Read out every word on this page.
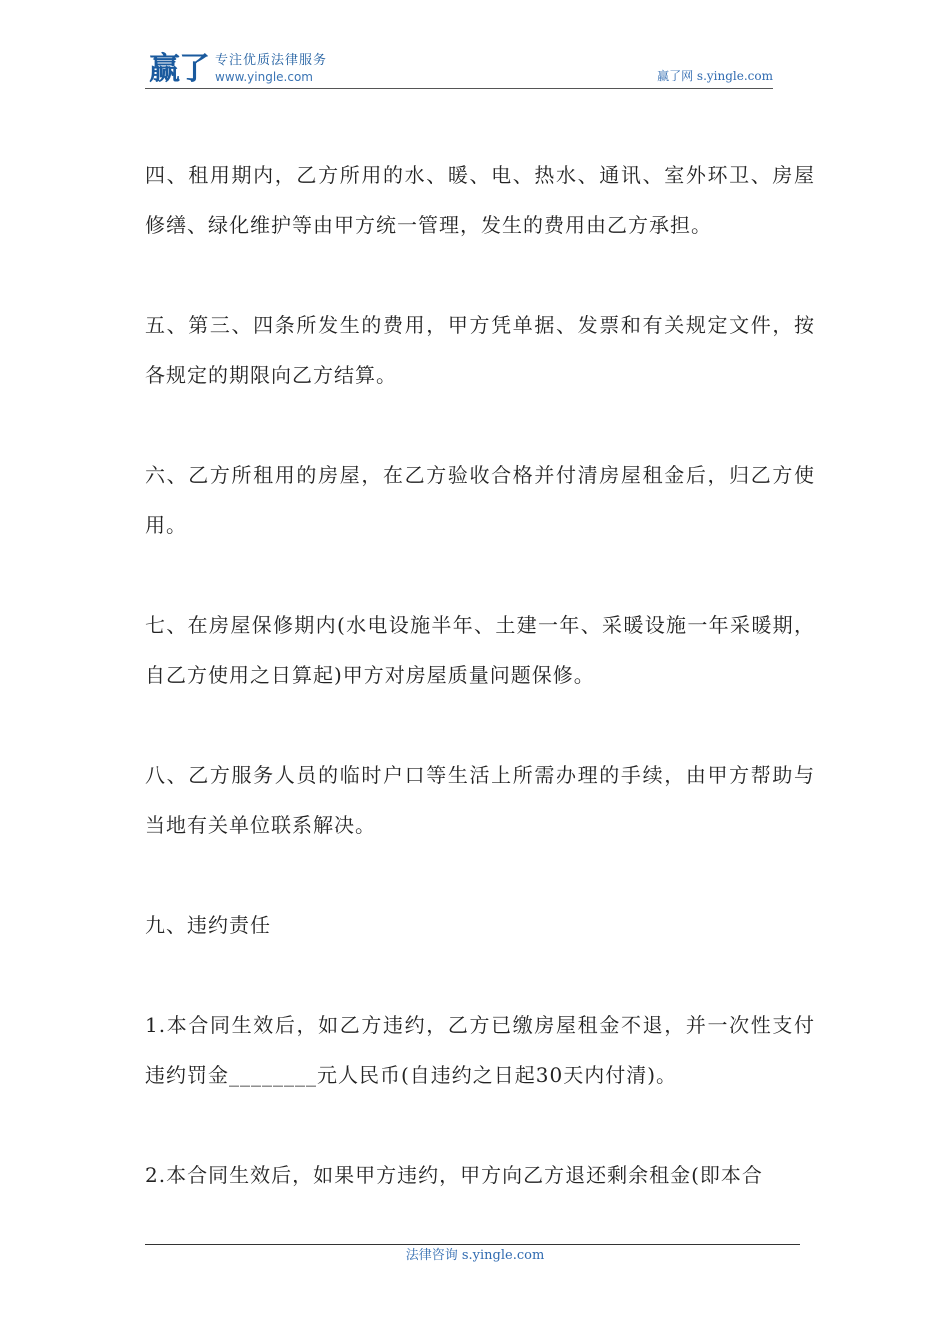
赢了 专注优质法律服务
www.yingle.com	赢了网 s.yingle.com

四、租用期内，乙方所用的水、暖、电、热水、通讯、室外环卫、房屋修缮、绿化维护等由甲方统一管理，发生的费用由乙方承担。

五、第三、四条所发生的费用，甲方凭单据、发票和有关规定文件，按各规定的期限向乙方结算。

六、乙方所租用的房屋，在乙方验收合格并付清房屋租金后，归乙方使用。

七、在房屋保修期内(水电设施半年、土建一年、采暖设施一年采暖期，自乙方使用之日算起)甲方对房屋质量问题保修。

八、乙方服务人员的临时户口等生活上所需办理的手续，由甲方帮助与当地有关单位联系解决。

九、违约责任

1.本合同生效后，如乙方违约，乙方已缴房屋租金不退，并一次性支付违约罚金________元人民币(自违约之日起30天内付清)。

2.本合同生效后，如果甲方违约，甲方向乙方退还剩余租金(即本合

法律咨询 s.yingle.com
